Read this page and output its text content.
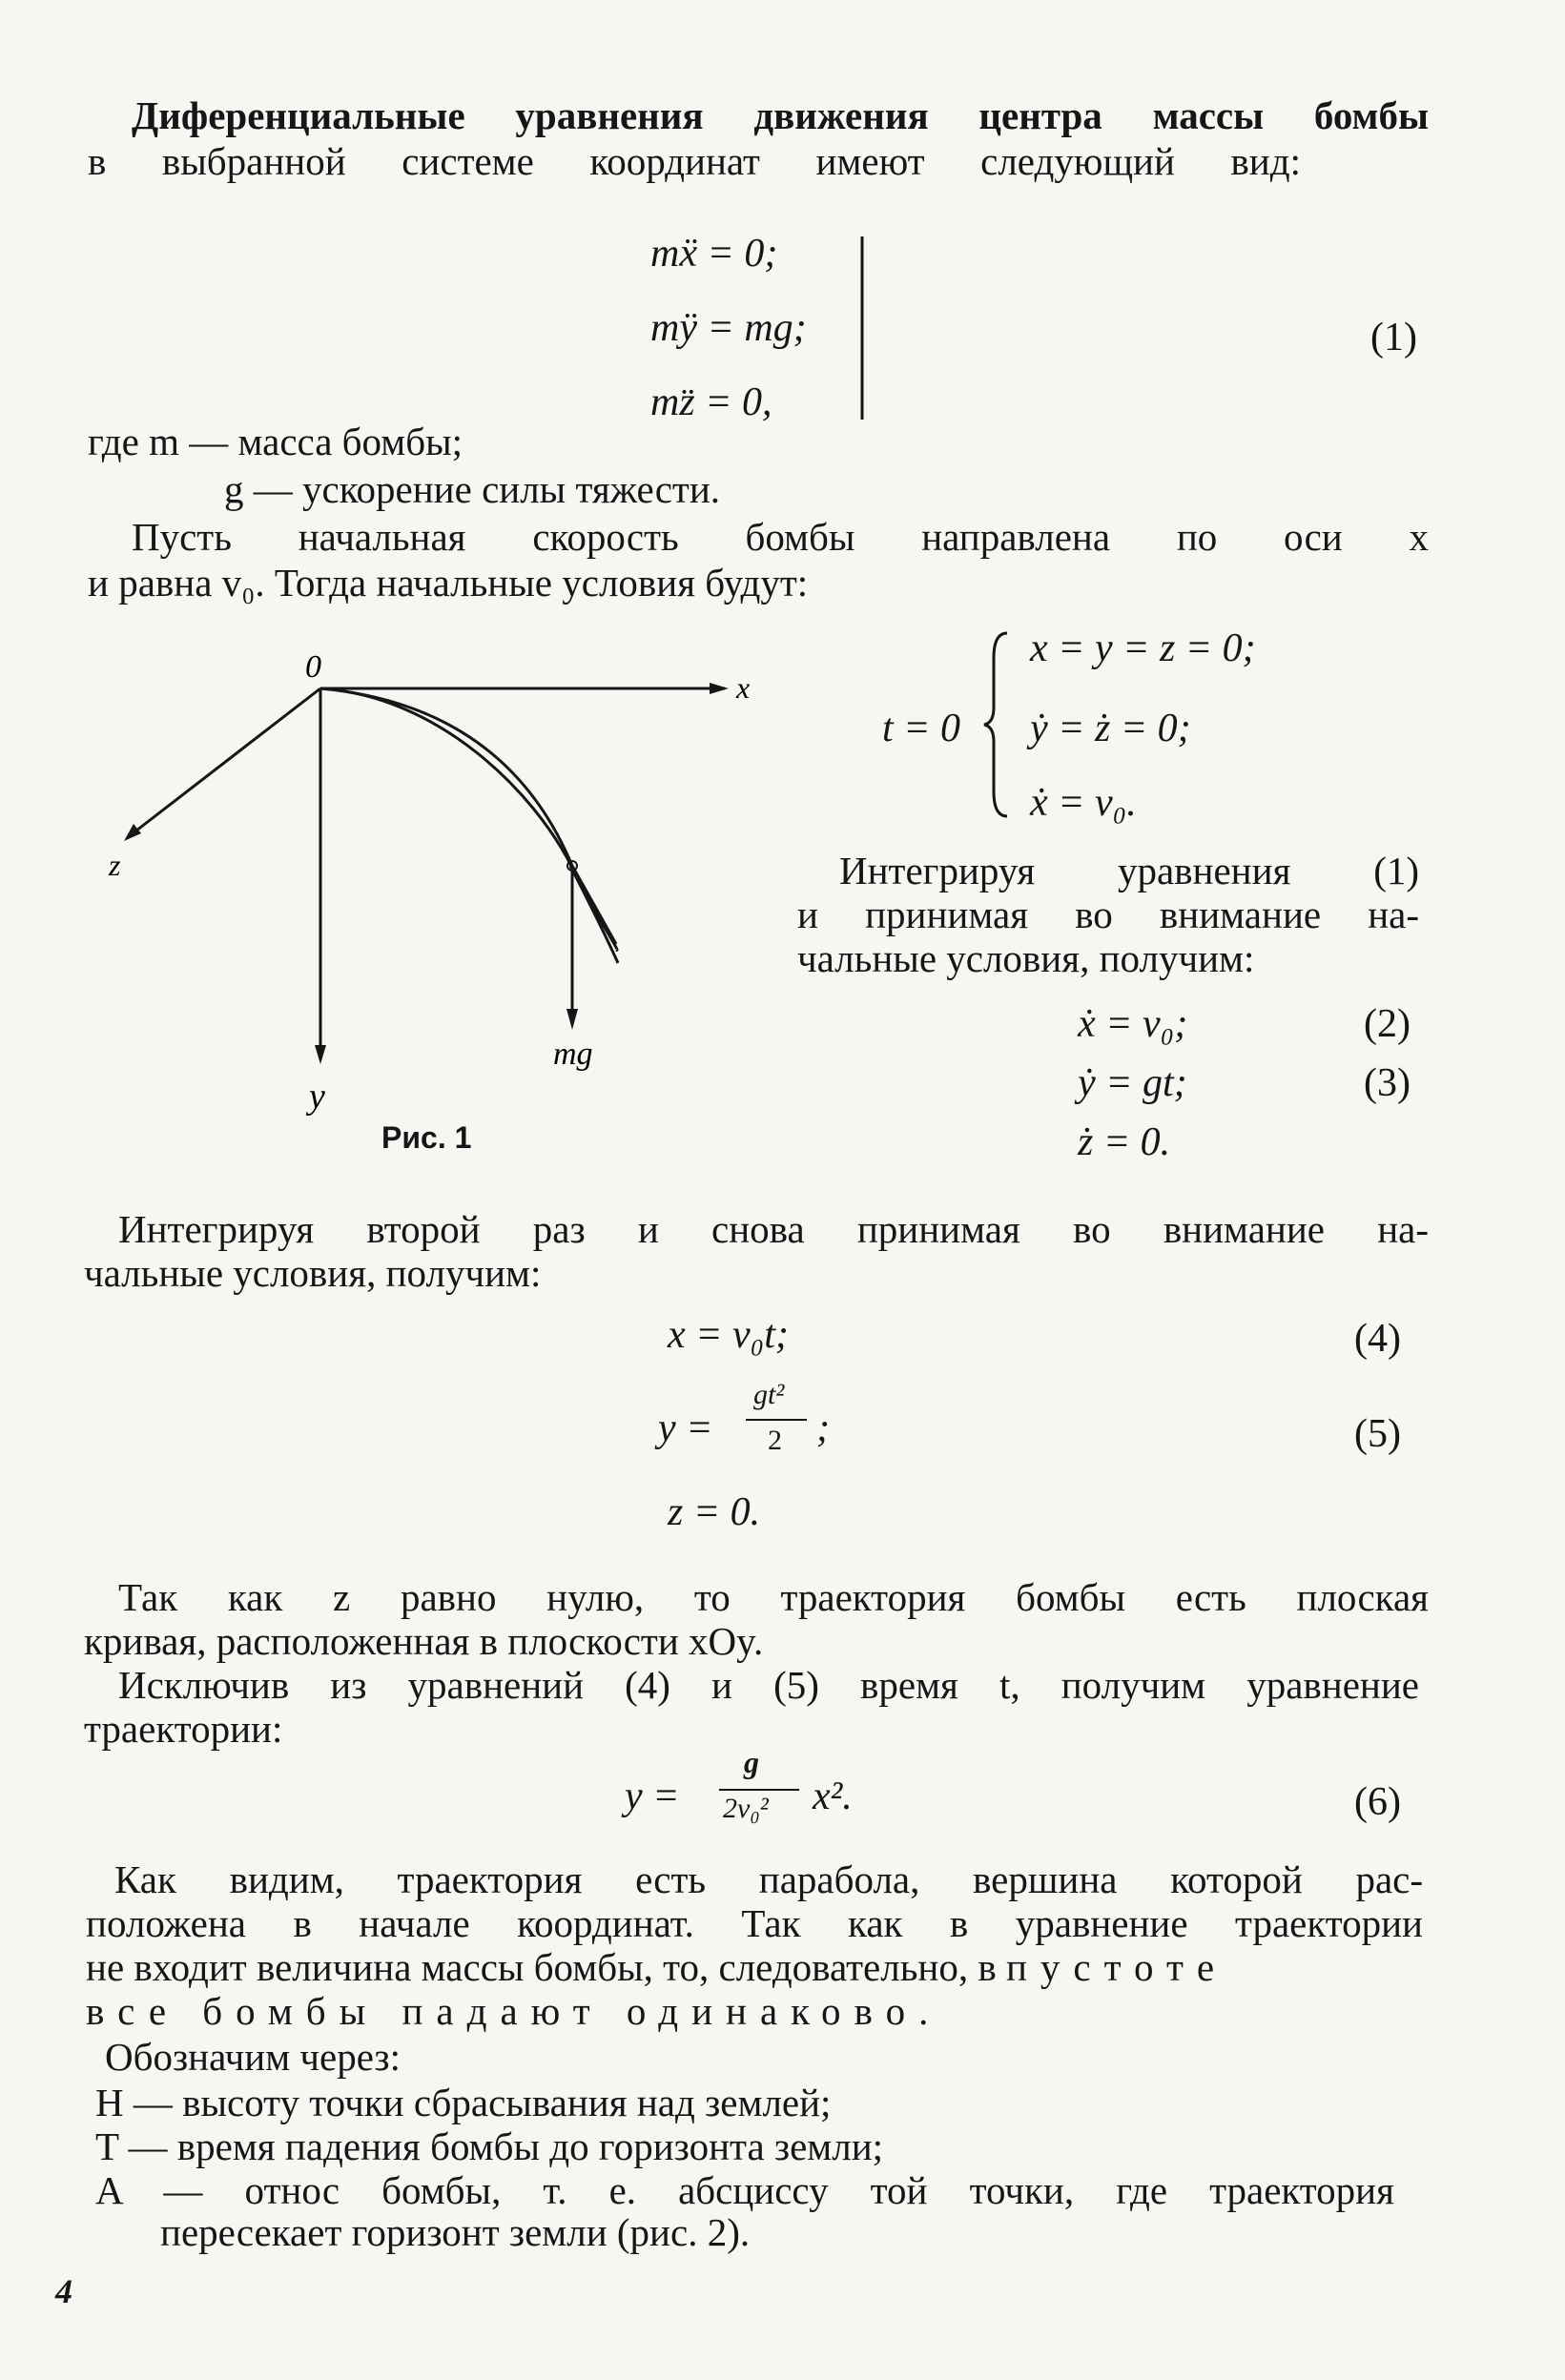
Диференциальные уравнения движения центра массы бомбы
в выбранной системе координат имеют следующий вид:
mẍ = 0;
mÿ = mg;
mz̈ = 0,
(1)
где m — масса бомбы;
g — ускорение силы тяжести.
Пусть начальная скорость бомбы направлена по оси x
и равна v₀. Тогда начальные условия будут:
0
x
z
y
mg
Рис. 1
t = 0
x = y = z = 0;
ẏ = ż = 0;
ẋ = v₀.
Интегрируя уравнения (1)
и принимая во внимание на-
чальные условия, получим:
ẋ = v₀;	(2)
ẏ = gt;	(3)
ż = 0.
Интегрируя второй раз и снова принимая во внимание на-
чальные условия, получим:
x = v₀t;	(4)
y =
gt²
2 ;	(5)
z = 0.
Так как z равно нулю, то траектория бомбы есть плоская
кривая, расположенная в плоскости xOy.
Исключив из уравнений (4) и (5) время t, получим уравнение
траектории:
y =
g
2v₀² x².	(6)
Как видим, траектория есть парабола, вершина которой рас-
положена в начале координат. Так как в уравнение траектории
не входит величина массы бомбы, то, следовательно, в пустоте
все бомбы падают одинаково.
Обозначим через:
H — высоту точки сбрасывания над землей;
T — время падения бомбы до горизонта земли;
A — относ бомбы, т. е. абсциссу той точки, где траектория
пересекает горизонт земли (рис. 2).
4
